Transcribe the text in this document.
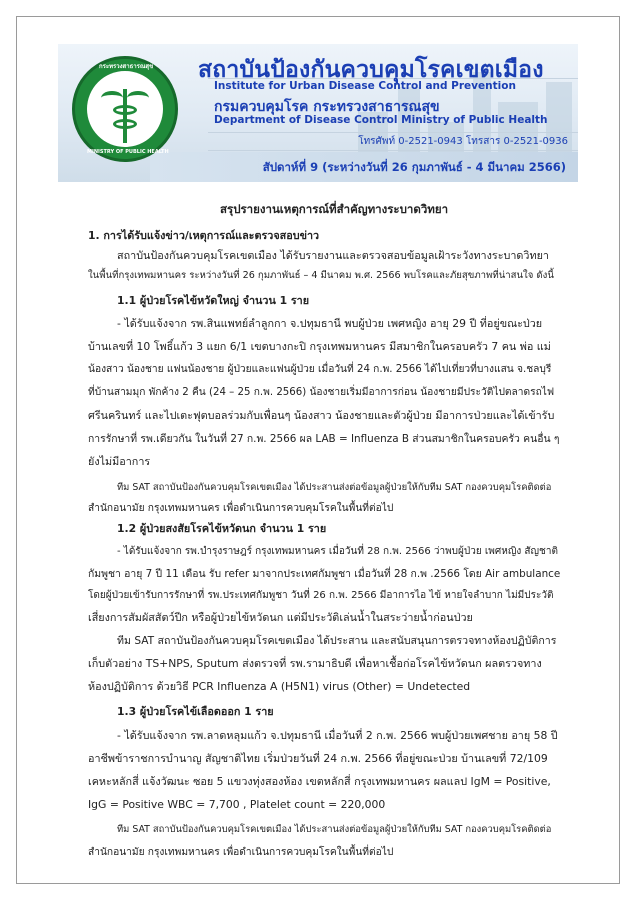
กระทรวงสาธารณสุข
MINISTRY OF PUBLIC HEALTH
สถาบันป้องกันควบคุมโรคเขตเมือง
Institute for Urban Disease Control and Prevention
กรมควบคุมโรค กระทรวงสาธารณสุข
Department of Disease Control Ministry of Public Health
โทรศัพท์ 0-2521-0943 โทรสาร 0-2521-0936
สัปดาห์ที่ 9 (ระหว่างวันที่ 26 กุมภาพันธ์ - 4 มีนาคม 2566)
สรุปรายงานเหตุการณ์ที่สำคัญทางระบาดวิทยา
1. การได้รับแจ้งข่าว/เหตุการณ์และตรวจสอบข่าว
สถาบันป้องกันควบคุมโรคเขตเมือง ได้รับรายงานและตรวจสอบข้อมูลเฝ้าระวังทางระบาดวิทยา
ในพื้นที่กรุงเทพมหานคร ระหว่างวันที่ 26 กุมภาพันธ์ – 4 มีนาคม พ.ศ. 2566 พบโรคและภัยสุขภาพที่น่าสนใจ ดังนี้
1.1 ผู้ป่วยโรคไข้หวัดใหญ่ จำนวน 1 ราย
- ได้รับแจ้งจาก รพ.สินแพทย์ลำลูกกา จ.ปทุมธานี พบผู้ป่วย เพศหญิง อายุ 29 ปี ที่อยู่ขณะป่วย
บ้านเลขที่ 10 โพธิ์แก้ว 3 แยก 6/1 เขตบางกะปิ กรุงเทพมหานคร มีสมาชิกในครอบครัว 7 คน พ่อ แม่
น้องสาว น้องชาย แฟนน้องชาย ผู้ป่วยและแฟนผู้ป่วย เมื่อวันที่ 24 ก.พ. 2566 ได้ไปเที่ยวที่บางแสน จ.ชลบุรี
ที่บ้านสามมุก พักค้าง 2 คืน (24 – 25 ก.พ. 2566) น้องชายเริ่มมีอาการก่อน น้องชายมีประวัติไปตลาดรถไฟ
ศรีนครินทร์ และไปเตะฟุตบอลร่วมกับเพื่อนๆ น้องสาว น้องชายและตัวผู้ป่วย มีอาการป่วยและได้เข้ารับ
การรักษาที่ รพ.เดียวกัน ในวันที่ 27 ก.พ. 2566 ผล LAB = Influenza B ส่วนสมาชิกในครอบครัว คนอื่น ๆ
ยังไม่มีอาการ
ทีม SAT สถาบันป้องกันควบคุมโรคเขตเมือง ได้ประสานส่งต่อข้อมูลผู้ป่วยให้กับทีม SAT กองควบคุมโรคติดต่อ
สำนักอนามัย กรุงเทพมหานคร เพื่อดำเนินการควบคุมโรคในพื้นที่ต่อไป
1.2 ผู้ป่วยสงสัยโรคไข้หวัดนก จำนวน 1 ราย
- ได้รับแจ้งจาก รพ.บำรุงราษฎร์ กรุงเทพมหานคร เมื่อวันที่ 28 ก.พ. 2566 ว่าพบผู้ป่วย เพศหญิง สัญชาติ
กัมพูชา อายุ 7 ปี 11 เดือน รับ refer มาจากประเทศกัมพูชา เมื่อวันที่ 28 ก.พ .2566 โดย Air ambulance
โดยผู้ป่วยเข้ารับการรักษาที่ รพ.ประเทศกัมพูชา วันที่ 26 ก.พ. 2566 มีอาการไอ ไข้ หายใจลำบาก ไม่มีประวัติ
เสี่ยงการสัมผัสสัตว์ปีก หรือผู้ป่วยไข้หวัดนก แต่มีประวัติเล่นน้ำในสระว่ายน้ำก่อนป่วย
ทีม SAT สถาบันป้องกันควบคุมโรคเขตเมือง ได้ประสาน และสนับสนุนการตรวจทางห้องปฏิบัติการ
เก็บตัวอย่าง TS+NPS, Sputum ส่งตรวจที่ รพ.รามาธิบดี เพื่อหาเชื้อก่อโรคไข้หวัดนก ผลตรวจทาง
ห้องปฏิบัติการ ด้วยวิธี PCR Influenza A (H5N1) virus (Other) = Undetected
1.3 ผู้ป่วยโรคไข้เลือดออก 1 ราย
- ได้รับแจ้งจาก รพ.ลาดหลุมแก้ว จ.ปทุมธานี เมื่อวันที่ 2 ก.พ. 2566 พบผู้ป่วยเพศชาย อายุ 58 ปี
อาชีพข้าราชการบำนาญ สัญชาติไทย เริ่มป่วยวันที่ 24 ก.พ. 2566 ที่อยู่ขณะป่วย บ้านเลขที่ 72/109
เคหะหลักสี่ แจ้งวัฒนะ ซอย 5 แขวงทุ่งสองห้อง เขตหลักสี่ กรุงเทพมหานคร ผลแลป IgM = Positive,
IgG = Positive WBC = 7,700 , Platelet count = 220,000
ทีม SAT สถาบันป้องกันควบคุมโรคเขตเมือง ได้ประสานส่งต่อข้อมูลผู้ป่วยให้กับทีม SAT กองควบคุมโรคติดต่อ
สำนักอนามัย กรุงเทพมหานคร เพื่อดำเนินการควบคุมโรคในพื้นที่ต่อไป
